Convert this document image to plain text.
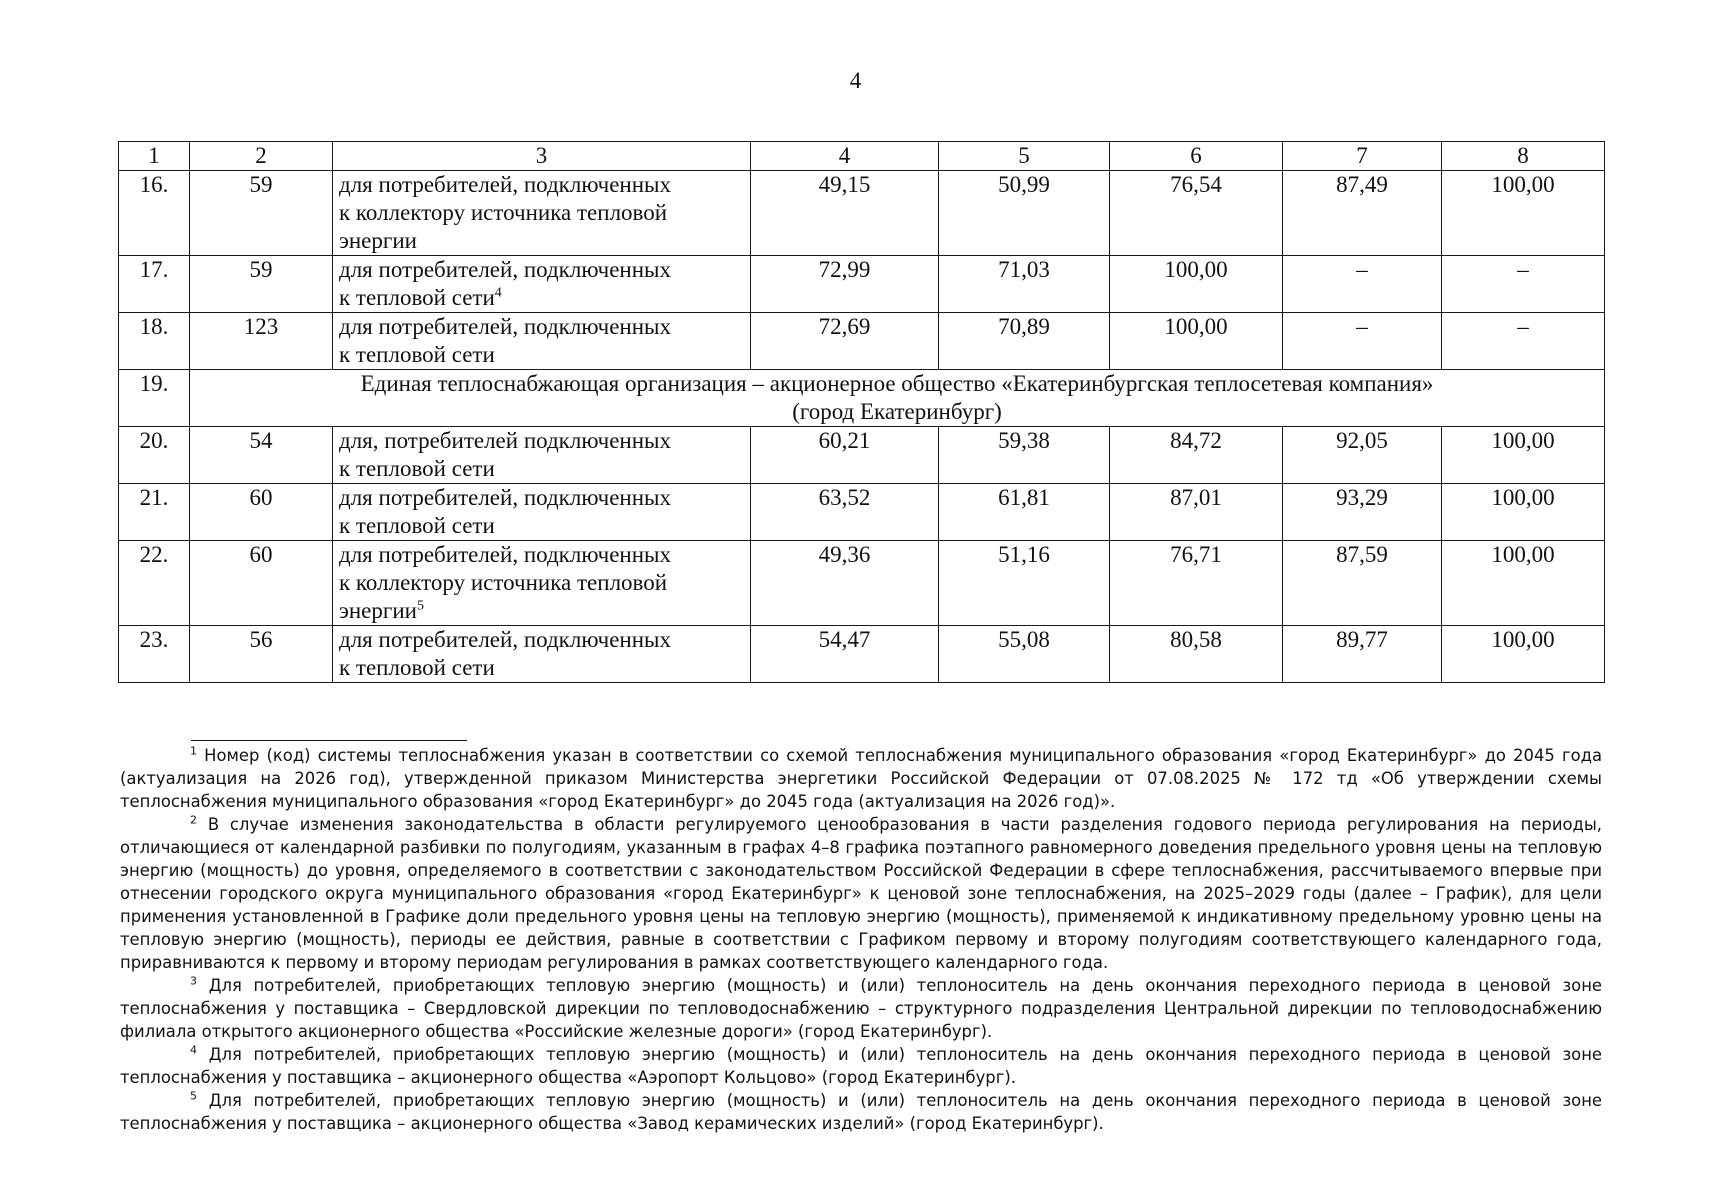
4
1	2	3	4	5	6	7	8
16.	59	для потребителей, подключенных
к коллектору источника тепловой
энергии	49,15	50,99	76,54	87,49	100,00
17.	59	для потребителей, подключенных
к тепловой сети$^4$	72,99	71,03	100,00	–	–
18.	123	для потребителей, подключенных
к тепловой сети	72,69	70,89	100,00	–	–
19.	Единая теплоснабжающая организация – акционерное общество «Екатеринбургская теплосетевая компания»
(город Екатеринбург)						
20.	54	для, потребителей подключенных
к тепловой сети	60,21	59,38	84,72	92,05	100,00
21.	60	для потребителей, подключенных
к тепловой сети	63,52	61,81	87,01	93,29	100,00
22.	60	для потребителей, подключенных
к коллектору источника тепловой
энергии$^5$	49,36	51,16	76,71	87,59	100,00
23.	56	для потребителей, подключенных
к тепловой сети	54,47	55,08	80,58	89,77	100,00

$^1$ Номер (код) системы теплоснабжения указан в соответствии со схемой теплоснабжения муниципального образования «город Екатеринбург» до 2045 года (актуализация на 2026 год), утвержденной приказом Министерства энергетики Российской Федерации от 07.08.2025 № 172 тд «Об утверждении схемы теплоснабжения муниципального образования «город Екатеринбург» до 2045 года (актуализация на 2026 год)».

$^2$ В случае изменения законодательства в области регулируемого ценообразования в части разделения годового периода регулирования на периоды, отличающиеся от календарной разбивки по полугодиям, указанным в графах 4–8 графика поэтапного равномерного доведения предельного уровня цены на тепловую энергию (мощность) до уровня, определяемого в соответствии с законодательством Российской Федерации в сфере теплоснабжения, рассчитываемого впервые при отнесении городского округа муниципального образования «город Екатеринбург» к ценовой зоне теплоснабжения, на 2025–2029 годы (далее – График), для цели применения установленной в Графике доли предельного уровня цены на тепловую энергию (мощность), применяемой к индикативному предельному уровню цены на тепловую энергию (мощность), периоды ее действия, равные в соответствии с Графиком первому и второму полугодиям соответствующего календарного года, приравниваются к первому и второму периодам регулирования в рамках соответствующего календарного года.

$^3$ Для потребителей, приобретающих тепловую энергию (мощность) и (или) теплоноситель на день окончания переходного периода в ценовой зоне теплоснабжения у поставщика – Свердловской дирекции по тепловодоснабжению – структурного подразделения Центральной дирекции по тепловодоснабжению филиала открытого акционерного общества «Российские железные дороги» (город Екатеринбург).

$^4$ Для потребителей, приобретающих тепловую энергию (мощность) и (или) теплоноситель на день окончания переходного периода в ценовой зоне теплоснабжения у поставщика – акционерного общества «Аэропорт Кольцово» (город Екатеринбург).

$^5$ Для потребителей, приобретающих тепловую энергию (мощность) и (или) теплоноситель на день окончания переходного периода в ценовой зоне теплоснабжения у поставщика – акционерного общества «Завод керамических изделий» (город Екатеринбург).
